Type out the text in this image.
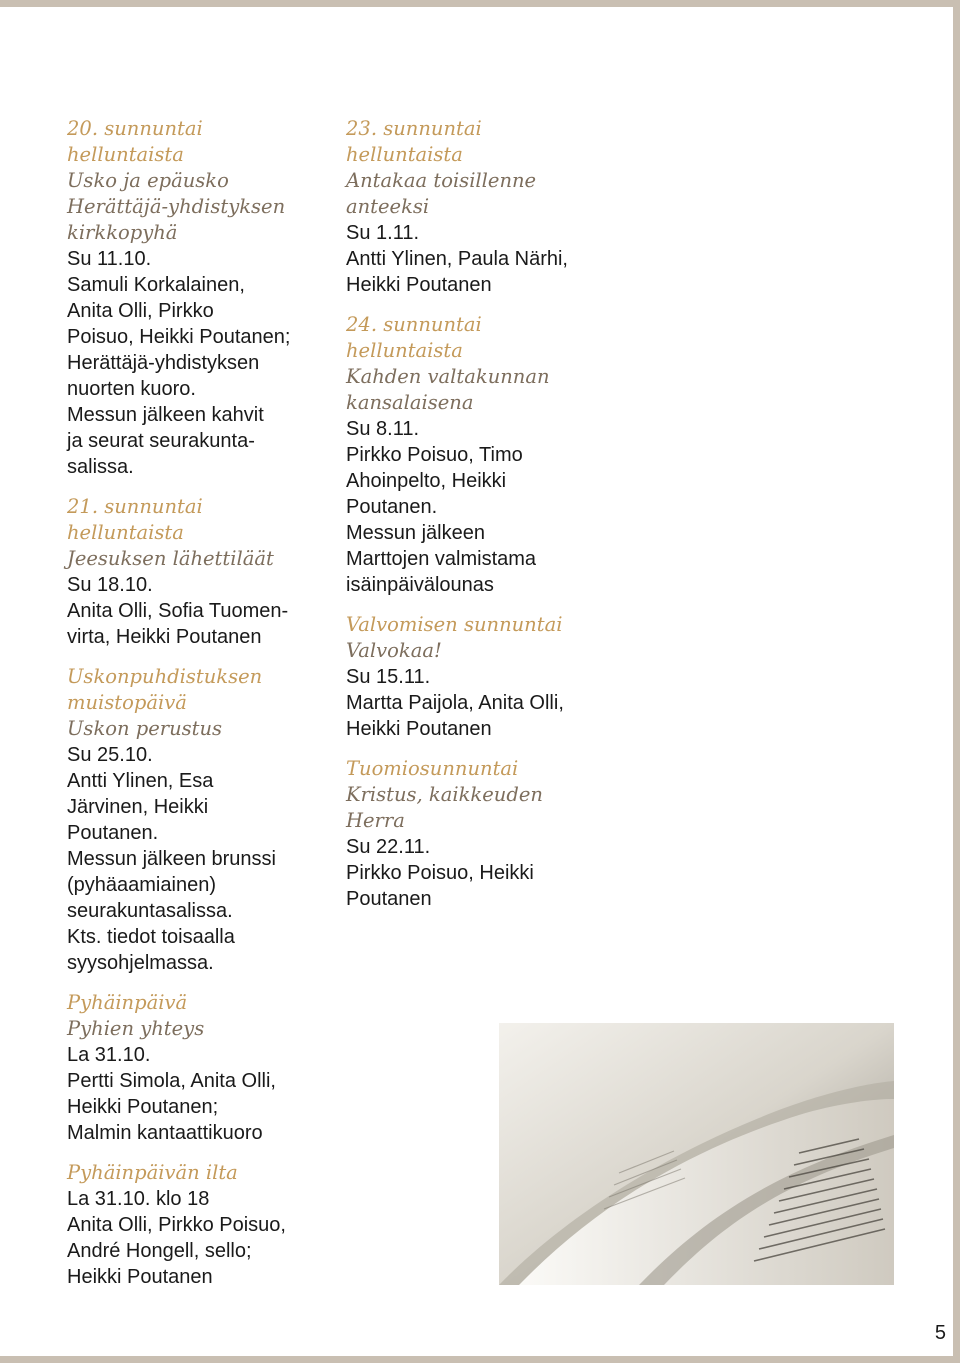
20. sunnuntai
helluntaista
Usko ja epäusko
Herättäjä-yhdistyksen
kirkkopyhä
Su 11.10.
Samuli Korkalainen,
Anita Olli, Pirkko
Poisuo, Heikki Poutanen;
Herättäjä-yhdistyksen
nuorten kuoro.
Messun jälkeen kahvit
ja seurat seurakunta-
salissa.
21. sunnuntai
helluntaista
Jeesuksen lähettiläät
Su 18.10.
Anita Olli, Sofia Tuomen-
virta, Heikki Poutanen
Uskonpuhdistuksen
muistopäivä
Uskon perustus
Su 25.10.
Antti Ylinen, Esa
Järvinen, Heikki
Poutanen.
Messun jälkeen brunssi
(pyhäaamiainen)
seurakuntasalissa.
Kts. tiedot toisaalla
syysohjelmassa.
Pyhäinpäivä
Pyhien yhteys
La 31.10.
Pertti Simola, Anita Olli,
Heikki Poutanen;
Malmin kantaattikuoro
Pyhäinpäivän ilta
La 31.10. klo 18
Anita Olli, Pirkko Poisuo,
André Hongell, sello;
Heikki Poutanen
23. sunnuntai
helluntaista
Antakaa toisillenne
anteeksi
Su 1.11.
Antti Ylinen, Paula Närhi,
Heikki Poutanen
24. sunnuntai
helluntaista
Kahden valtakunnan
kansalaisena
Su 8.11.
Pirkko Poisuo, Timo
Ahoinpelto, Heikki
Poutanen.
Messun jälkeen
Marttojen valmistama
isäinpäivälounas
Valvomisen sunnuntai
Valvokaa!
Su 15.11.
Martta Paijola, Anita Olli,
Heikki Poutanen
Tuomiosunnuntai
Kristus, kaikkeuden
Herra
Su 22.11.
Pirkko Poisuo, Heikki
Poutanen
5
